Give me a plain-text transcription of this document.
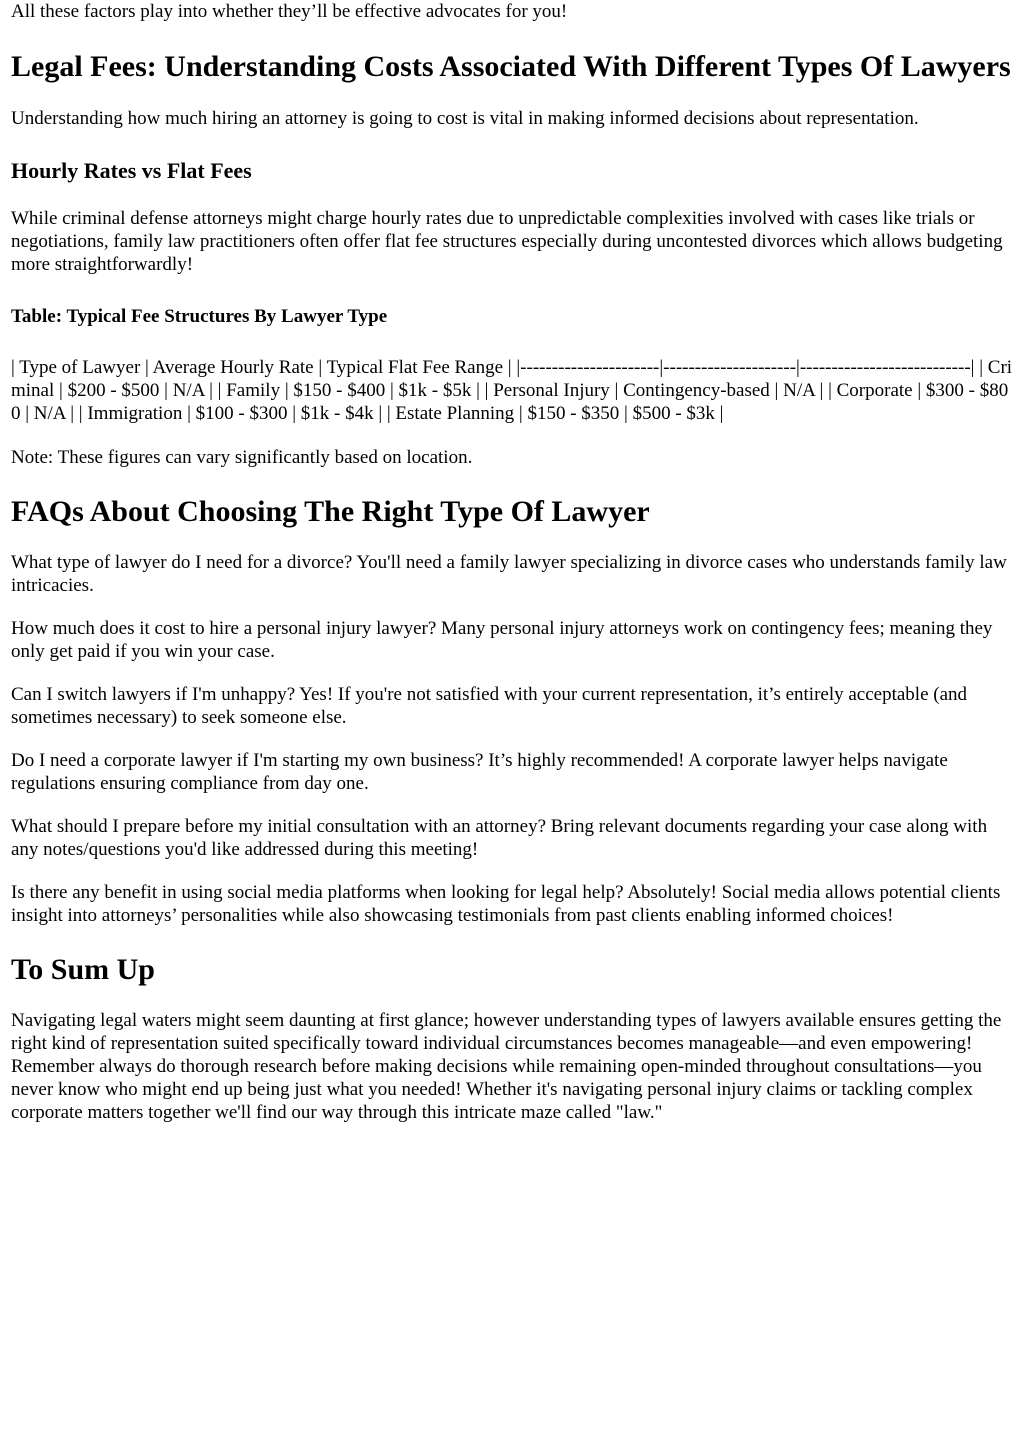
All these factors play into whether they’ll be effective advocates for you!

Legal Fees: Understanding Costs Associated With Different Types Of Lawyers

Understanding how much hiring an attorney is going to cost is vital in making informed decisions about representation.

Hourly Rates vs Flat Fees

While criminal defense attorneys might charge hourly rates due to unpredictable complexities involved with cases like trials or negotiations, family law practitioners often offer flat fee structures especially during uncontested divorces which allows budgeting more straightforwardly!

Table: Typical Fee Structures By Lawyer Type

| Type of Lawyer | Average Hourly Rate | Typical Flat Fee Range | |----------------------|---------------------|---------------------------| | Criminal | $200 - $500 | N/A | | Family | $150 - $400 | $1k - $5k | | Personal Injury | Contingency-based | N/A | | Corporate | $300 - $800 | N/A | | Immigration | $100 - $300 | $1k - $4k | | Estate Planning | $150 - $350 | $500 - $3k |

Note: These figures can vary significantly based on location.

FAQs About Choosing The Right Type Of Lawyer

What type of lawyer do I need for a divorce? You'll need a family lawyer specializing in divorce cases who understands family law intricacies.

How much does it cost to hire a personal injury lawyer? Many personal injury attorneys work on contingency fees; meaning they only get paid if you win your case.

Can I switch lawyers if I'm unhappy? Yes! If you're not satisfied with your current representation, it’s entirely acceptable (and sometimes necessary) to seek someone else.

Do I need a corporate lawyer if I'm starting my own business? It’s highly recommended! A corporate lawyer helps navigate regulations ensuring compliance from day one.

What should I prepare before my initial consultation with an attorney? Bring relevant documents regarding your case along with any notes/questions you'd like addressed during this meeting!

Is there any benefit in using social media platforms when looking for legal help? Absolutely! Social media allows potential clients insight into attorneys’ personalities while also showcasing testimonials from past clients enabling informed choices!

To Sum Up

Navigating legal waters might seem daunting at first glance; however understanding types of lawyers available ensures getting the right kind of representation suited specifically toward individual circumstances becomes manageable—and even empowering! Remember always do thorough research before making decisions while remaining open-minded throughout consultations—you never know who might end up being just what you needed! Whether it's navigating personal injury claims or tackling complex corporate matters together we'll find our way through this intricate maze called "law."
